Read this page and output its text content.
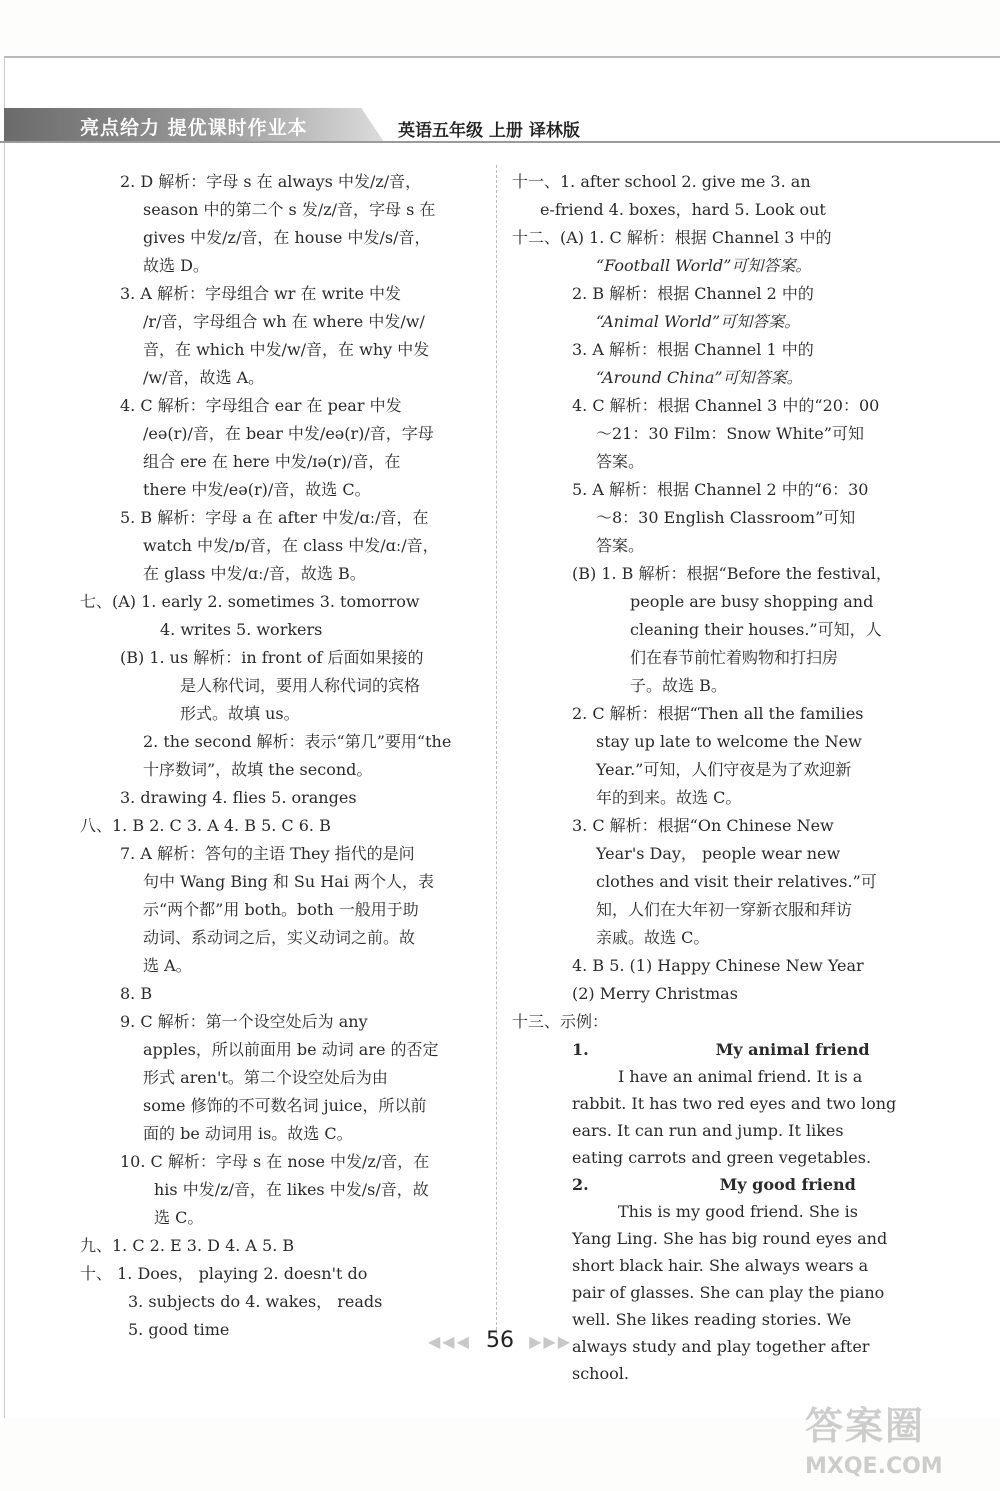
亮点给力 提优课时作业本	英语五年级 上册 译林版
2. D 解析：字母 s 在 always 中发/z/音，
season 中的第二个 s 发/z/音，字母 s 在
gives 中发/z/音，在 house 中发/s/音，
故选 D。
3. A 解析：字母组合 wr 在 write 中发
/r/音，字母组合 wh 在 where 中发/w/
音，在 which 中发/w/音，在 why 中发
/w/音，故选 A。
4. C 解析：字母组合 ear 在 pear 中发
/eə(r)/音，在 bear 中发/eə(r)/音，字母
组合 ere 在 here 中发/ɪə(r)/音，在
there 中发/eə(r)/音，故选 C。
5. B 解析：字母 a 在 after 中发/ɑː/音，在
watch 中发/ɒ/音，在 class 中发/ɑː/音，
在 glass 中发/ɑː/音，故选 B。
七、(A) 1. early 2. sometimes 3. tomorrow
4. writes 5. workers
(B) 1. us 解析：in front of 后面如果接的
是人称代词，要用人称代词的宾格
形式。故填 us。
2. the second 解析：表示“第几”要用“the
十序数词”，故填 the second。
3. drawing 4. flies 5. oranges
八、1. B 2. C 3. A 4. B 5. C 6. B
7. A 解析：答句的主语 They 指代的是问
句中 Wang Bing 和 Su Hai 两个人，表
示“两个都”用 both。both 一般用于助
动词、系动词之后，实义动词之前。故
选 A。
8. B
9. C 解析：第一个设空处后为 any
apples，所以前面用 be 动词 are 的否定
形式 aren't。第二个设空处后为由
some 修饰的不可数名词 juice，所以前
面的 be 动词用 is。故选 C。
10. C 解析：字母 s 在 nose 中发/z/音，在
his 中发/z/音，在 likes 中发/s/音，故
选 C。
九、1. C 2. E 3. D 4. A 5. B
十、 1. Does， playing 2. doesn't do
3. subjects do 4. wakes， reads
5. good time
十一、1. after school 2. give me 3. an
e-friend 4. boxes，hard 5. Look out
十二、(A) 1. C 解析：根据 Channel 3 中的
“Football World”可知答案。
2. B 解析：根据 Channel 2 中的
“Animal World”可知答案。
3. A 解析：根据 Channel 1 中的
“Around China”可知答案。
4. C 解析：根据 Channel 3 中的“20：00
～21：30 Film：Snow White”可知
答案。
5. A 解析：根据 Channel 2 中的“6：30
～8：30 English Classroom”可知
答案。
(B) 1. B 解析：根据“Before the festival，
people are busy shopping and
cleaning their houses.”可知，人
们在春节前忙着购物和打扫房
子。故选 B。
2. C 解析：根据“Then all the families
stay up late to welcome the New
Year.”可知，人们守夜是为了欢迎新
年的到来。故选 C。
3. C 解析：根据“On Chinese New
Year's Day， people wear new
clothes and visit their relatives.”可
知，人们在大年初一穿新衣服和拜访
亲戚。故选 C。
4. B 5. (1) Happy Chinese New Year
(2) Merry Christmas
十三、示例：
1.	My animal friend
I have an animal friend. It is a
rabbit. It has two red eyes and two long
ears. It can run and jump. It likes
eating carrots and green vegetables.
2.	My good friend
This is my good friend. She is
Yang Ling. She has big round eyes and
short black hair. She always wears a
pair of glasses. She can play the piano
well. She likes reading stories. We
always study and play together after
school.
◀◀◀ 56 ▶▶▶
答案圈
MXQE.COM
